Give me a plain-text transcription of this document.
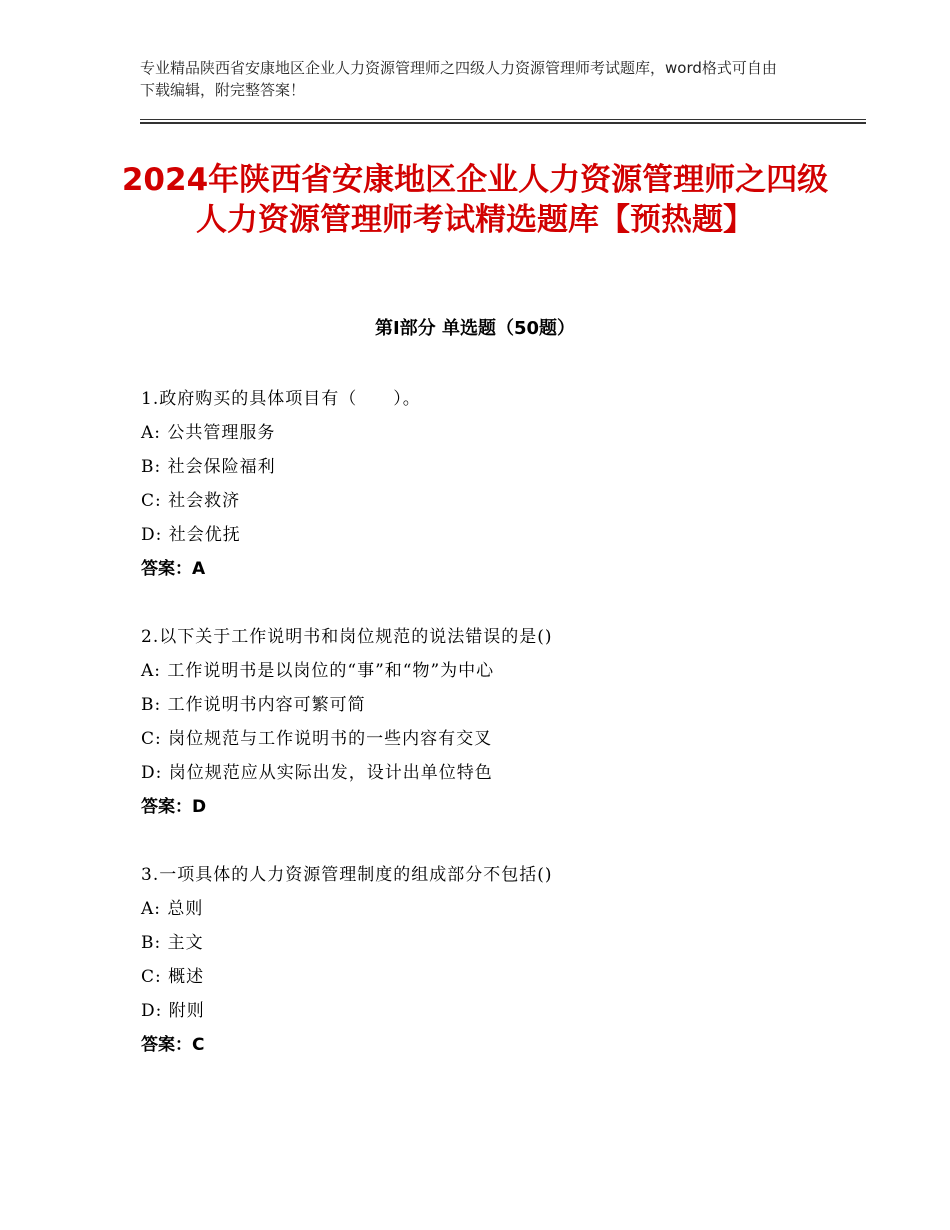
专业精品陕西省安康地区企业人力资源管理师之四级人力资源管理师考试题库，word格式可自由下载编辑，附完整答案！
2024年陕西省安康地区企业人力资源管理师之四级人力资源管理师考试精选题库【预热题】
第Ⅰ部分 单选题（50题）
1.政府购买的具体项目有（　　）。
A: 公共管理服务
B: 社会保险福利
C: 社会救济
D: 社会优抚
答案：A
2.以下关于工作说明书和岗位规范的说法错误的是()
A: 工作说明书是以岗位的“事”和“物”为中心
B: 工作说明书内容可繁可简
C: 岗位规范与工作说明书的一些内容有交叉
D: 岗位规范应从实际出发，设计出单位特色
答案：D
3.一项具体的人力资源管理制度的组成部分不包括()
A: 总则
B: 主文
C: 概述
D: 附则
答案：C
